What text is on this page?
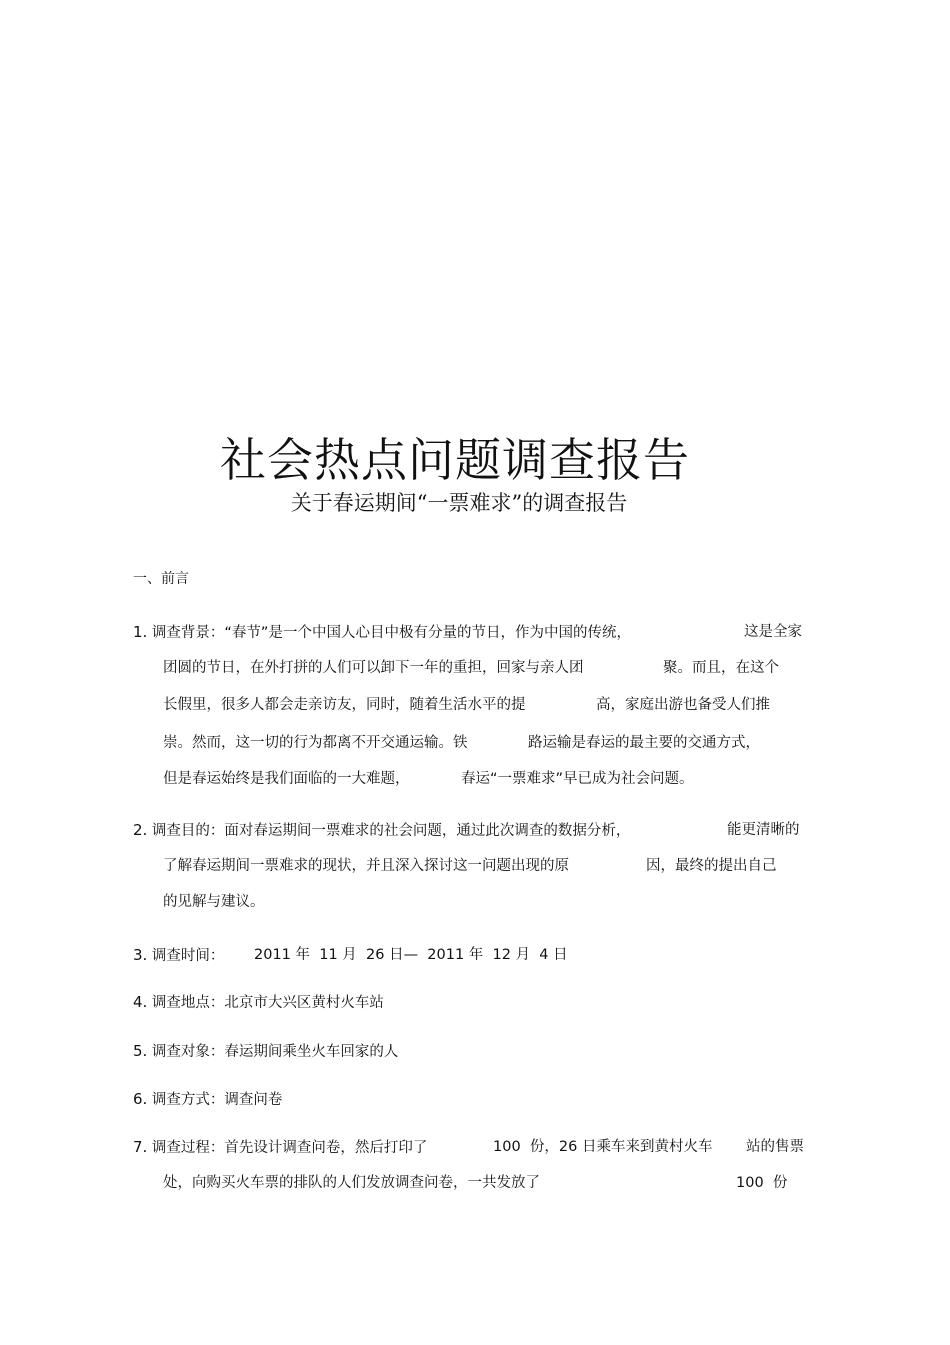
社会热点问题调查报告
关于春运期间“一票难求”的调查报告
一、前言
1. 调查背景：“春节”是一个中国人心目中极有分量的节日，作为中国的传统，	这是全家
团圆的节日，在外打拼的人们可以卸下一年的重担，回家与亲人团	聚。而且，在这个
长假里，很多人都会走亲访友，同时，随着生活水平的提	高，家庭出游也备受人们推
崇。然而，这一切的行为都离不开交通运输。铁	路运输是春运的最主要的交通方式，
但是春运始终是我们面临的一大难题，	春运“一票难求”早已成为社会问题。
2. 调查目的：面对春运期间一票难求的社会问题，通过此次调查的数据分析，	能更清晰的
了解春运期间一票难求的现状，并且深入探讨这一问题出现的原	因，最终的提出自己
的见解与建议。
3. 调查时间： 2011 年  11 月  26 日—  2011 年  12 月  4 日
4. 调查地点：北京市大兴区黄村火车站
5. 调查对象：春运期间乘坐火车回家的人
6. 调查方式：调查问卷
7. 调查过程：首先设计调查问卷，然后打印了	100  份，26 日乘车来到黄村火车 站的售票
处，向购买火车票的排队的人们发放调查问卷，一共发放了	100  份
